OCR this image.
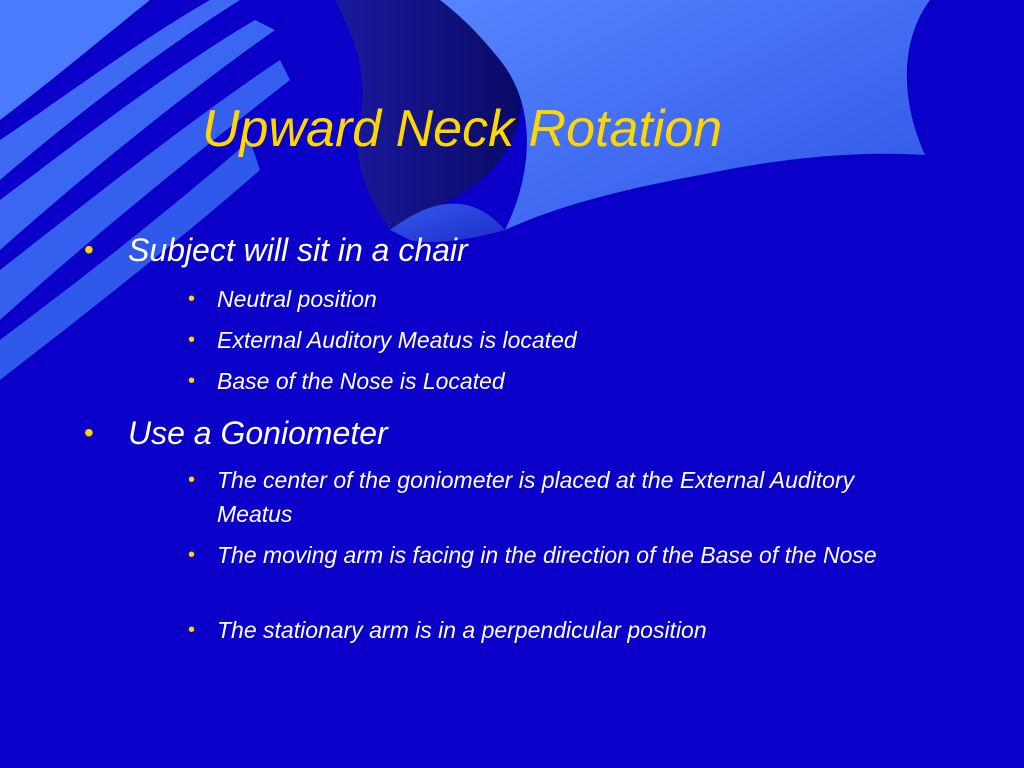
Upward Neck Rotation
• Subject will sit in a chair
• Neutral position
• External Auditory Meatus is located
• Base of the Nose is Located
• Use a Goniometer
• The center of the goniometer is placed at the External Auditory Meatus
• The moving arm is facing in the direction of the Base of the Nose
• The stationary arm is in a perpendicular position
